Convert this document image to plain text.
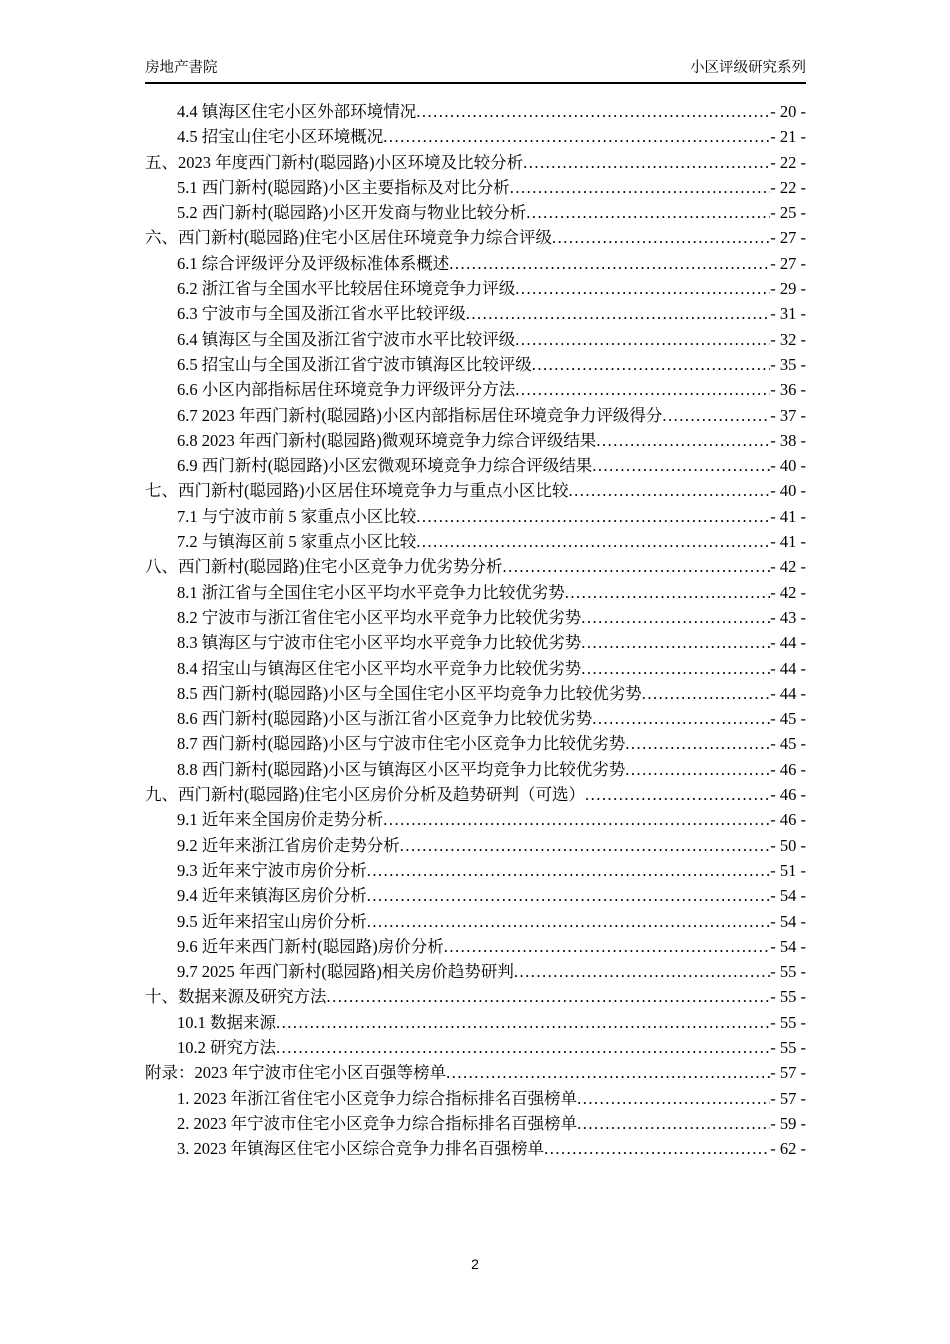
房地产書院	小区评级研究系列
4.4 镇海区住宅小区外部环境情况 .....	- 20 -
4.5 招宝山住宅小区环境概况 .....	- 21 -
五、2023 年度西门新村(聪园路)小区环境及比较分析 .....	- 22 -
5.1 西门新村(聪园路)小区主要指标及对比分析 .....	- 22 -
5.2 西门新村(聪园路)小区开发商与物业比较分析 .....	- 25 -
六、西门新村(聪园路)住宅小区居住环境竞争力综合评级 .....	- 27 -
6.1 综合评级评分及评级标准体系概述 .....	- 27 -
6.2 浙江省与全国水平比较居住环境竞争力评级 .....	- 29 -
6.3 宁波市与全国及浙江省水平比较评级 .....	- 31 -
6.4 镇海区与全国及浙江省宁波市水平比较评级 .....	- 32 -
6.5 招宝山与全国及浙江省宁波市镇海区比较评级 .....	- 35 -
6.6 小区内部指标居住环境竞争力评级评分方法 .....	- 36 -
6.7 2023 年西门新村(聪园路)小区内部指标居住环境竞争力评级得分 .....	- 37 -
6.8 2023 年西门新村(聪园路)微观环境竞争力综合评级结果 .....	- 38 -
6.9 西门新村(聪园路)小区宏微观环境竞争力综合评级结果 .....	- 40 -
七、西门新村(聪园路)小区居住环境竞争力与重点小区比较 .....	- 40 -
7.1 与宁波市前 5 家重点小区比较 .....	- 41 -
7.2 与镇海区前 5 家重点小区比较 .....	- 41 -
八、西门新村(聪园路)住宅小区竞争力优劣势分析 .....	- 42 -
8.1 浙江省与全国住宅小区平均水平竞争力比较优劣势 .....	- 42 -
8.2 宁波市与浙江省住宅小区平均水平竞争力比较优劣势 .....	- 43 -
8.3 镇海区与宁波市住宅小区平均水平竞争力比较优劣势 .....	- 44 -
8.4 招宝山与镇海区住宅小区平均水平竞争力比较优劣势 .....	- 44 -
8.5 西门新村(聪园路)小区与全国住宅小区平均竞争力比较优劣势 .....	- 44 -
8.6 西门新村(聪园路)小区与浙江省小区竞争力比较优劣势 .....	- 45 -
8.7 西门新村(聪园路)小区与宁波市住宅小区竞争力比较优劣势 .....	- 45 -
8.8 西门新村(聪园路)小区与镇海区小区平均竞争力比较优劣势 .....	- 46 -
九、西门新村(聪园路)住宅小区房价分析及趋势研判（可选） .....	- 46 -
9.1 近年来全国房价走势分析 .....	- 46 -
9.2 近年来浙江省房价走势分析 .....	- 50 -
9.3 近年来宁波市房价分析 .....	- 51 -
9.4 近年来镇海区房价分析 .....	- 54 -
9.5 近年来招宝山房价分析 .....	- 54 -
9.6 近年来西门新村(聪园路)房价分析 .....	- 54 -
9.7 2025 年西门新村(聪园路)相关房价趋势研判 .....	- 55 -
十、数据来源及研究方法 .....	- 55 -
10.1 数据来源 .....	- 55 -
10.2 研究方法 .....	- 55 -
附录：2023 年宁波市住宅小区百强等榜单 .....	- 57 -
1. 2023 年浙江省住宅小区竞争力综合指标排名百强榜单 .....	- 57 -
2. 2023 年宁波市住宅小区竞争力综合指标排名百强榜单 .....	- 59 -
3. 2023 年镇海区住宅小区综合竞争力排名百强榜单 .....	- 62 -
2
